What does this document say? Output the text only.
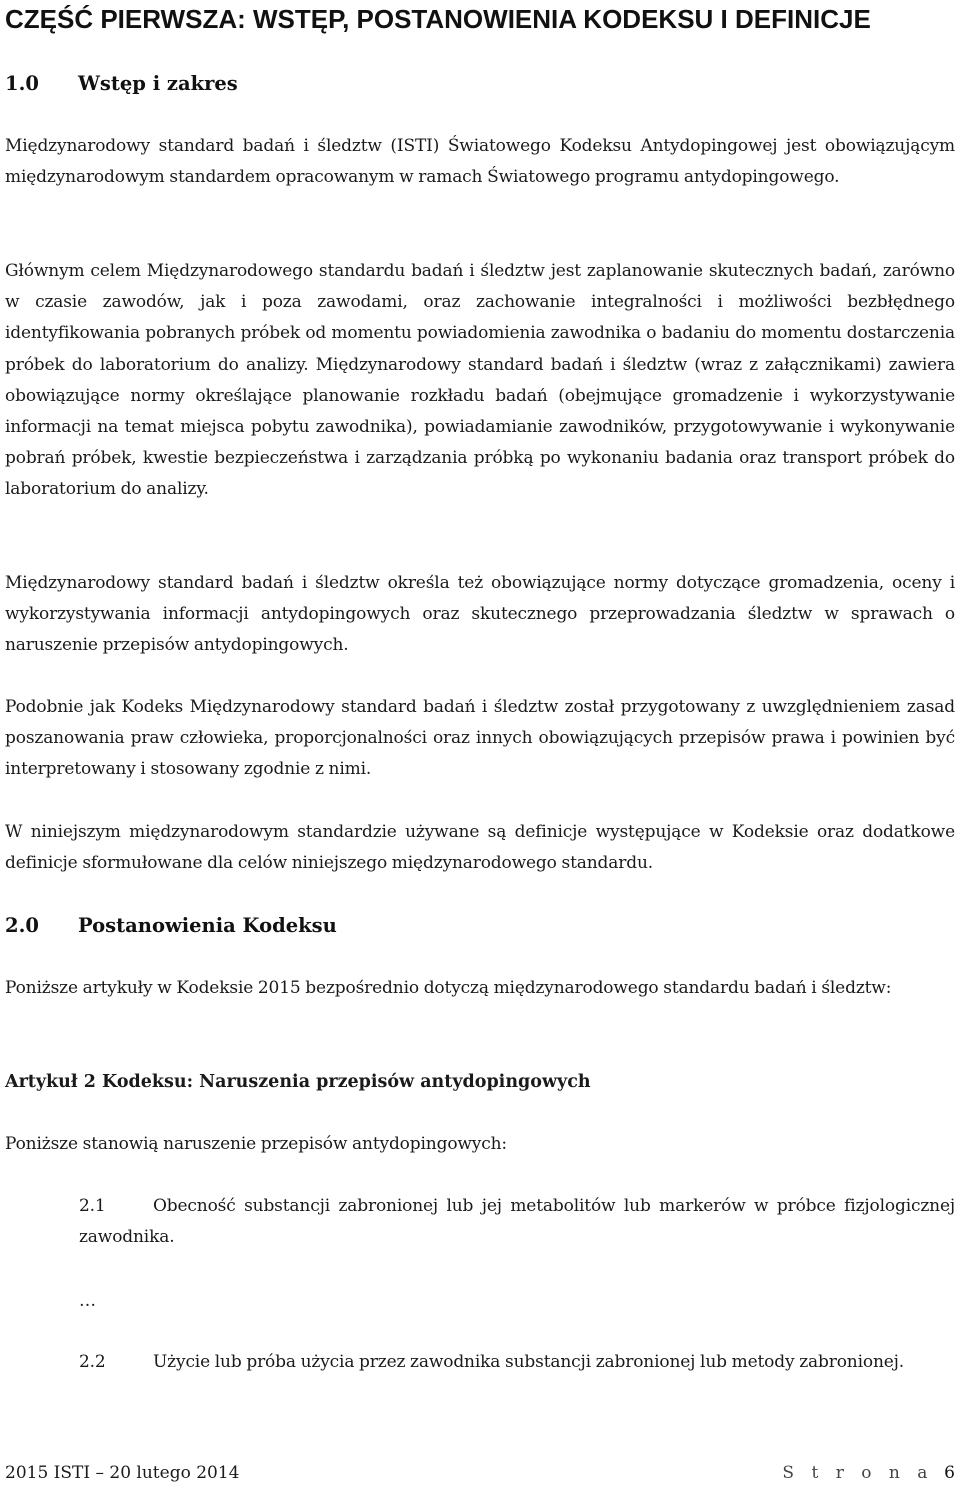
CZĘŚĆ PIERWSZA: WSTĘP, POSTANOWIENIA KODEKSU I DEFINICJE
1.0 Wstęp i zakres

Międzynarodowy standard badań i śledztw (ISTI) Światowego Kodeksu Antydopingowej jest obowiązującym międzynarodowym standardem opracowanym w ramach Światowego programu antydopingowego.

Głównym celem Międzynarodowego standardu badań i śledztw jest zaplanowanie skutecznych badań, zarówno w czasie zawodów, jak i poza zawodami, oraz zachowanie integralności i możliwości bezbłędnego identyfikowania pobranych próbek od momentu powiadomienia zawodnika o badaniu do momentu dostarczenia próbek do laboratorium do analizy. Międzynarodowy standard badań i śledztw (wraz z załącznikami) zawiera obowiązujące normy określające planowanie rozkładu badań (obejmujące gromadzenie i wykorzystywanie informacji na temat miejsca pobytu zawodnika), powiadamianie zawodników, przygotowywanie i wykonywanie pobrań próbek, kwestie bezpieczeństwa i zarządzania próbką po wykonaniu badania oraz transport próbek do laboratorium do analizy.

Międzynarodowy standard badań i śledztw określa też obowiązujące normy dotyczące gromadzenia, oceny i wykorzystywania informacji antydopingowych oraz skutecznego przeprowadzania śledztw w sprawach o naruszenie przepisów antydopingowych.

Podobnie jak Kodeks Międzynarodowy standard badań i śledztw został przygotowany z uwzględnieniem zasad poszanowania praw człowieka, proporcjonalności oraz innych obowiązujących przepisów prawa i powinien być interpretowany i stosowany zgodnie z nimi.

W niniejszym międzynarodowym standardzie używane są definicje występujące w Kodeksie oraz dodatkowe definicje sformułowane dla celów niniejszego międzynarodowego standardu.

2.0 Postanowienia Kodeksu

Poniższe artykuły w Kodeksie 2015 bezpośrednio dotyczą międzynarodowego standardu badań i śledztw:

Artykuł 2 Kodeksu: Naruszenia przepisów antydopingowych

Poniższe stanowią naruszenie przepisów antydopingowych:

2.1	Obecność substancji zabronionej lub jej metabolitów lub markerów w próbce fizjologicznej zawodnika.
…
2.2	Użycie lub próba użycia przez zawodnika substancji zabronionej lub metody zabronionej.
2015 ISTI – 20 lutego 2014	S t r o n a 6
